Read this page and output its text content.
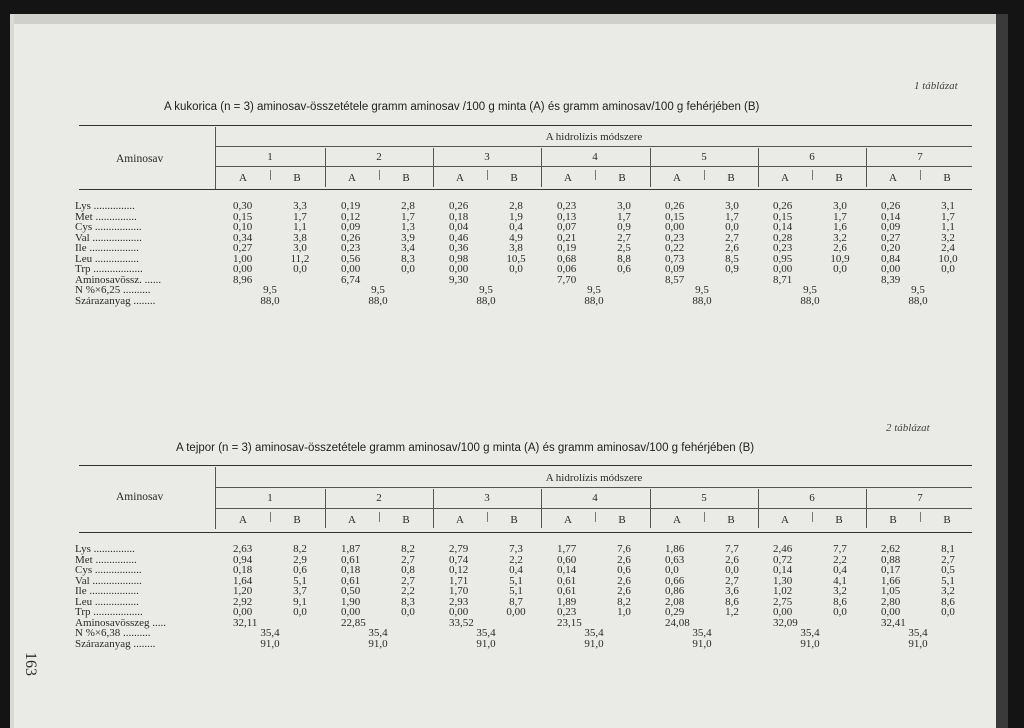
1 táblázat
A kukorica (n = 3) aminosav-összetétele gramm aminosav /100 g minta (A) és gramm aminosav/100 g fehérjében (B)
Aminosav
A hidrolízis módszere
1	2	3	4	5	6	7
A	B	A	B	A	B	A	B	A	B	A	B	A	B
Lys ...............	0,30	3,3	0,19	2,8	0,26	2,8	0,23	3,0	0,26	3,0	0,26	3,0	0,26	3,1
Met ...............	0,15	1,7	0,12	1,7	0,18	1,9	0,13	1,7	0,15	1,7	0,15	1,7	0,14	1,7
Cys .................	0,10	1,1	0,09	1,3	0,04	0,4	0,07	0,9	0,00	0,0	0,14	1,6	0,09	1,1
Val ..................	0,34	3,8	0,26	3,9	0,46	4,9	0,21	2,7	0,23	2,7	0,28	3,2	0,27	3,2
Ile ..................	0,27	3,0	0,23	3,4	0,36	3,8	0,19	2,5	0,22	2,6	0,23	2,6	0,20	2,4
Leu ................	1,00	11,2	0,56	8,3	0,98	10,5	0,68	8,8	0,73	8,5	0,95	10,9	0,84	10,0
Trp ..................	0,00	0,0	0,00	0,0	0,00	0,0	0,06	0,6	0,09	0,9	0,00	0,0	0,00	0,0
Aminosavössz. ......	8,96		6,74		9,30		7,70		8,57		8,71		8,39	
N %×6,25 ..........	9,5		9,5		9,5		9,5		9,5		9,5		9,5	
Szárazanyag ........	88,0		88,0		88,0		88,0		88,0		88,0		88,0	
2 táblázat
A tejpor (n = 3) aminosav-összetétele gramm aminosav/100 g minta (A) és gramm aminosav/100 g fehérjében (B)
Aminosav
A hidrolízis módszere
1	2	3	4	5	6	7
A	B	A	B	A	B	A	B	A	B	A	B	B	B
Lys ...............	2,63	8,2	1,87	8,2	2,79	7,3	1,77	7,6	1,86	7,7	2,46	7,7	2,62	8,1
Met ...............	0,94	2,9	0,61	2,7	0,74	2,2	0,60	2,6	0,63	2,6	0,72	2,2	0,88	2,7
Cys .................	0,18	0,6	0,18	0,8	0,12	0,4	0,14	0,6	0,0	0,0	0,14	0,4	0,17	0,5
Val ..................	1,64	5,1	0,61	2,7	1,71	5,1	0,61	2,6	0,66	2,7	1,30	4,1	1,66	5,1
Ile ..................	1,20	3,7	0,50	2,2	1,70	5,1	0,61	2,6	0,86	3,6	1,02	3,2	1,05	3,2
Leu ................	2,92	9,1	1,90	8,3	2,93	8,7	1,89	8,2	2,08	8,6	2,75	8,6	2,80	8,6
Trp ..................	0,00	0,0	0,00	0,0	0,00	0,00	0,23	1,0	0,29	1,2	0,00	0,0	0,00	0,0
Aminosavösszeg .....	32,11		22,85		33,52		23,15		24,08		32,09		32,41	
N %×6,38 ..........	35,4		35,4		35,4		35,4		35,4		35,4		35,4	
Szárazanyag ........	91,0		91,0		91,0		91,0		91,0		91,0		91,0	
163
